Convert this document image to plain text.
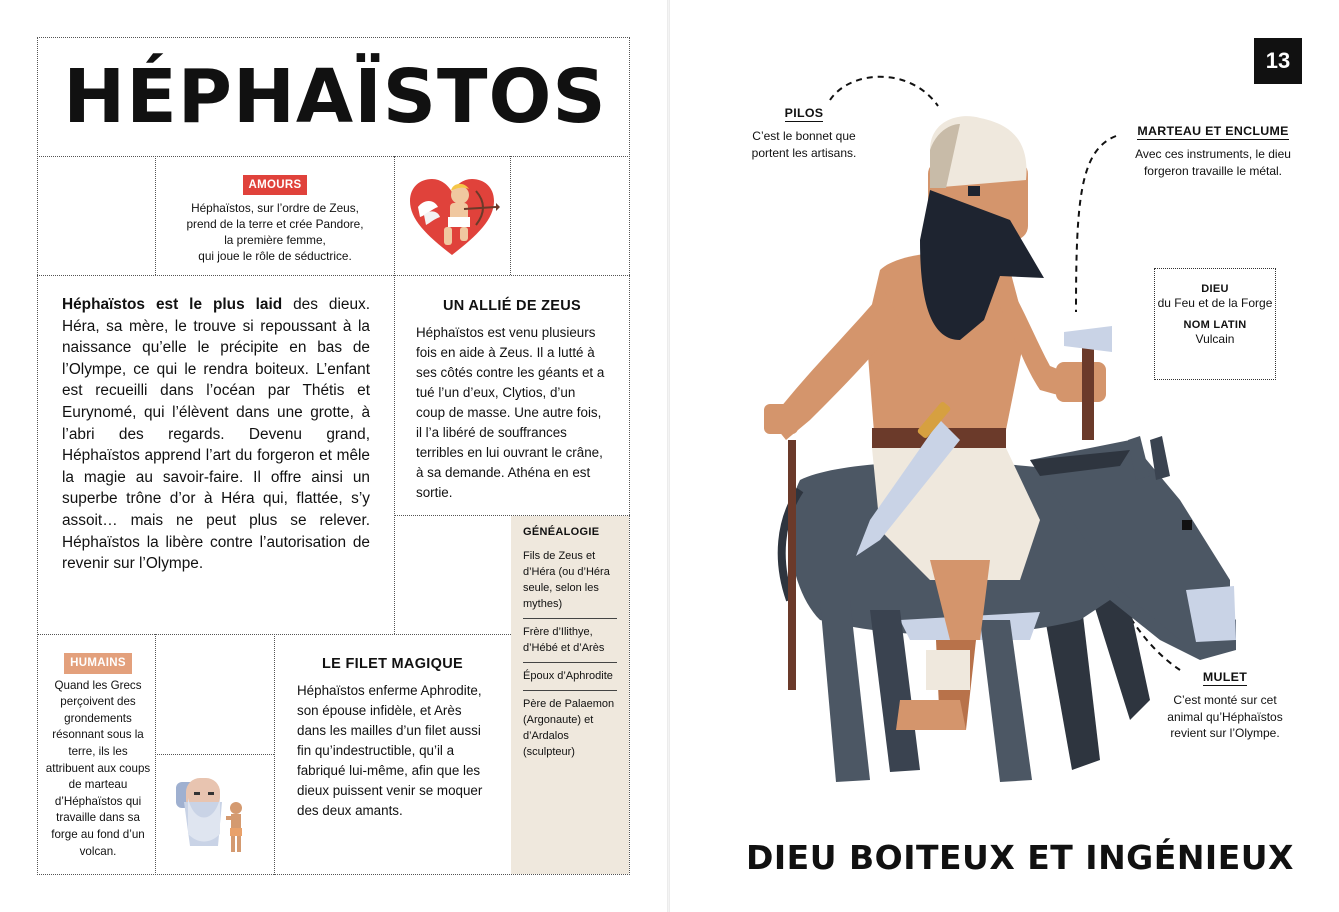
HÉPHAÏSTOS
AMOURS
Héphaïstos, sur l’ordre de Zeus,
prend de la terre et crée Pandore,
la première femme,
qui joue le rôle de séductrice.
Héphaïstos est le plus laid des dieux. Héra, sa mère, le trouve si repoussant à la naissance qu’elle le précipite en bas de l’Olympe, ce qui le rendra boiteux. L’enfant est recueilli dans l’océan par Thétis et Eurynomé, qui l’élèvent dans une grotte, à l’abri des regards. Devenu grand, Héphaïstos apprend l’art du forgeron et mêle la magie au savoir-faire. Il offre ainsi un superbe trône d’or à Héra qui, flattée, s’y assoit… mais ne peut plus se relever. Héphaïstos la libère contre l’autorisation de revenir sur l’Olympe.
UN ALLIÉ DE ZEUS

Héphaïstos est venu plusieurs fois en aide à Zeus. Il a lutté à ses côtés contre les géants et a tué l’un d’eux, Clytios, d’un coup de masse. Une autre fois, il l’a libéré de souffrances terribles en lui ouvrant le crâne, à sa demande. Athéna en est sortie.

GÉNÉALOGIE
Fils de Zeus et d’Héra (ou d’Héra seule, selon les mythes)
Frère d’Ilithye, d’Hébé et d’Arès
Époux d’Aphrodite
Père de Palaemon (Argonaute) et d’Ardalos (sculpteur)
HUMAINS
Quand les Grecs perçoivent des grondements résonnant sous la terre, ils les attribuent aux coups de marteau d’Héphaïstos qui travaille dans sa forge au fond d’un volcan.
LE FILET MAGIQUE

Héphaïstos enferme Aphrodite, son épouse infidèle, et Arès dans les mailles d’un filet aussi fin qu’indestructible, qu’il a fabriqué lui-même, afin que les dieux puissent venir se moquer des deux amants.

13
PILOS
C’est le bonnet que portent les artisans.
MARTEAU ET ENCLUME
Avec ces instruments, le dieu forgeron travaille le métal.
DIEU
du Feu et de la Forge
NOM LATIN
Vulcain
MULET
C’est monté sur cet animal qu’Héphaïstos revient sur l’Olympe.
DIEU BOITEUX ET INGÉNIEUX
